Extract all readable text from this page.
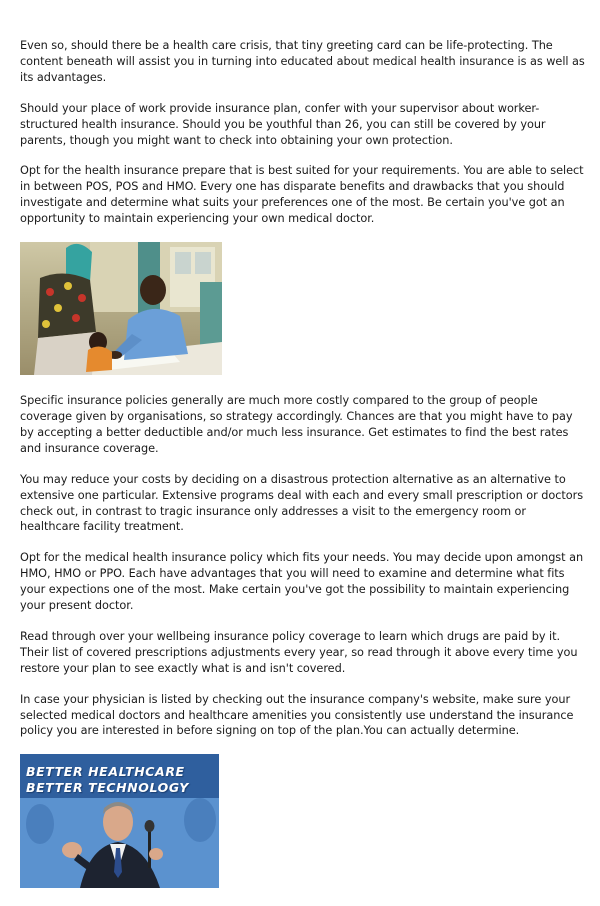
Even so, should there be a health care crisis, that tiny greeting card can be life-protecting. The content beneath will assist you in turning into educated about medical health insurance is as well as its advantages.

Should your place of work provide insurance plan, confer with your supervisor about worker-structured health insurance. Should you be youthful than 26, you can still be covered by your parents, though you might want to check into obtaining your own protection.

Opt for the health insurance prepare that is best suited for your requirements. You are able to select in between POS, POS and HMO. Every one has disparate benefits and drawbacks that you should investigate and determine what suits your preferences one of the most. Be certain you've got an opportunity to maintain experiencing your own medical doctor.

Specific insurance policies generally are much more costly compared to the group of people coverage given by organisations, so strategy accordingly. Chances are that you might have to pay by accepting a better deductible and/or much less insurance. Get estimates to find the best rates and insurance coverage.

You may reduce your costs by deciding on a disastrous protection alternative as an alternative to extensive one particular. Extensive programs deal with each and every small prescription or doctors check out, in contrast to tragic insurance only addresses a visit to the emergency room or healthcare facility treatment.

Opt for the medical health insurance policy which fits your needs. You may decide upon amongst an HMO, HMO or PPO. Each have advantages that you will need to examine and determine what fits your expections one of the most. Make certain you've got the possibility to maintain experiencing your present doctor.

Read through over your wellbeing insurance policy coverage to learn which drugs are paid by it. Their list of covered prescriptions adjustments every year, so read through it above every time you restore your plan to see exactly what is and isn't covered.

In case your physician is listed by checking out the insurance company's website, make sure your selected medical doctors and healthcare amenities you consistently use understand the insurance policy you are interested in before signing on top of the plan.You can actually determine.

BETTER HEALTHCARE
BETTER TECHNOLOGY
